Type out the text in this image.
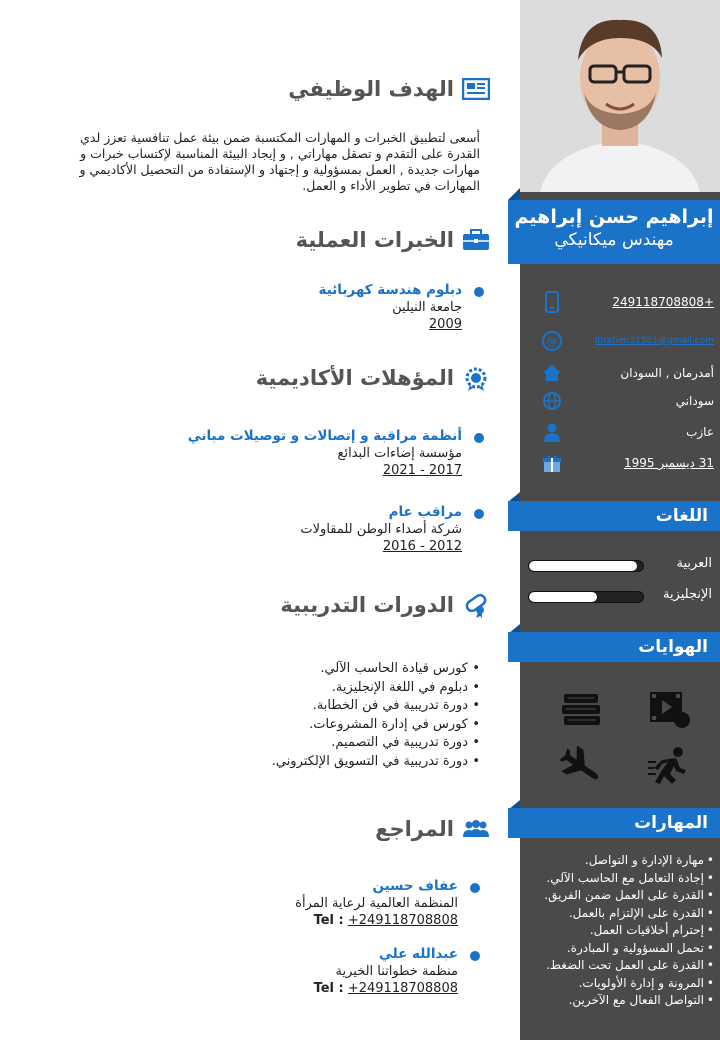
إبراهيم حسن إبراهيم
مهندس ميكانيكي
+249118708808
@	Ibrahim31581@gmail.com
أمدرمان , السودان
سوداني
عازب
31 ديسمبر 1995
اللغات
العربية
الإنجليزية
الهوايات
المهارات
• مهارة الإدارة و التواصل.
• إجادة التعامل مع الحاسب الآلي.
• القدرة على العمل ضمن الفريق.
• القدرة على الإلتزام بالعمل.
• إحترام أخلاقيات العمل.
• تحمل المسؤولية و المبادرة.
• القدرة على العمل تحت الضغط.
• المرونة و إدارة الأولويات.
• التواصل الفعال مع الآخرين.
الهدف الوظيفي
أسعى لتطبيق الخبرات و المهارات المكتسبة ضمن بيئة عمل تنافسية تعزز لدي القدرة على التقدم و تصقل مهاراتي , و إيجاد البيئة المناسبة لإكتساب خبرات و مهارات جديدة , العمل بمسؤولية و إجتهاد و الإستفادة من التحصيل الأكاديمي و المهارات في تطوير الأداء و العمل.
الخبرات العملية
دبلوم هندسة كهربائية
جامعة النيلين
2009
المؤهلات الأكاديمية
أنظمة مراقبة و إتصالات و توصيلات مباني
مؤسسة إضاءات البدائع
2017 - 2021
مراقب عام
شركة أصداء الوطن للمقاولات
2012 - 2016
الدورات التدريبية
• كورس قيادة الحاسب الآلي.
• دبلوم في اللغة الإنجليزية.
• دورة تدريبية في فن الخطابة.
• كورس في إدارة المشروعات.
• دورة تدريبية في التصميم.
• دورة تدريبية في التسويق الإلكتروني.
المراجع
عفاف حسين
المنظمة العالمية لرعاية المرأة
Tel : +249118708808
عبدالله علي
منظمة خطواتنا الخيرية
Tel : +249118708808
